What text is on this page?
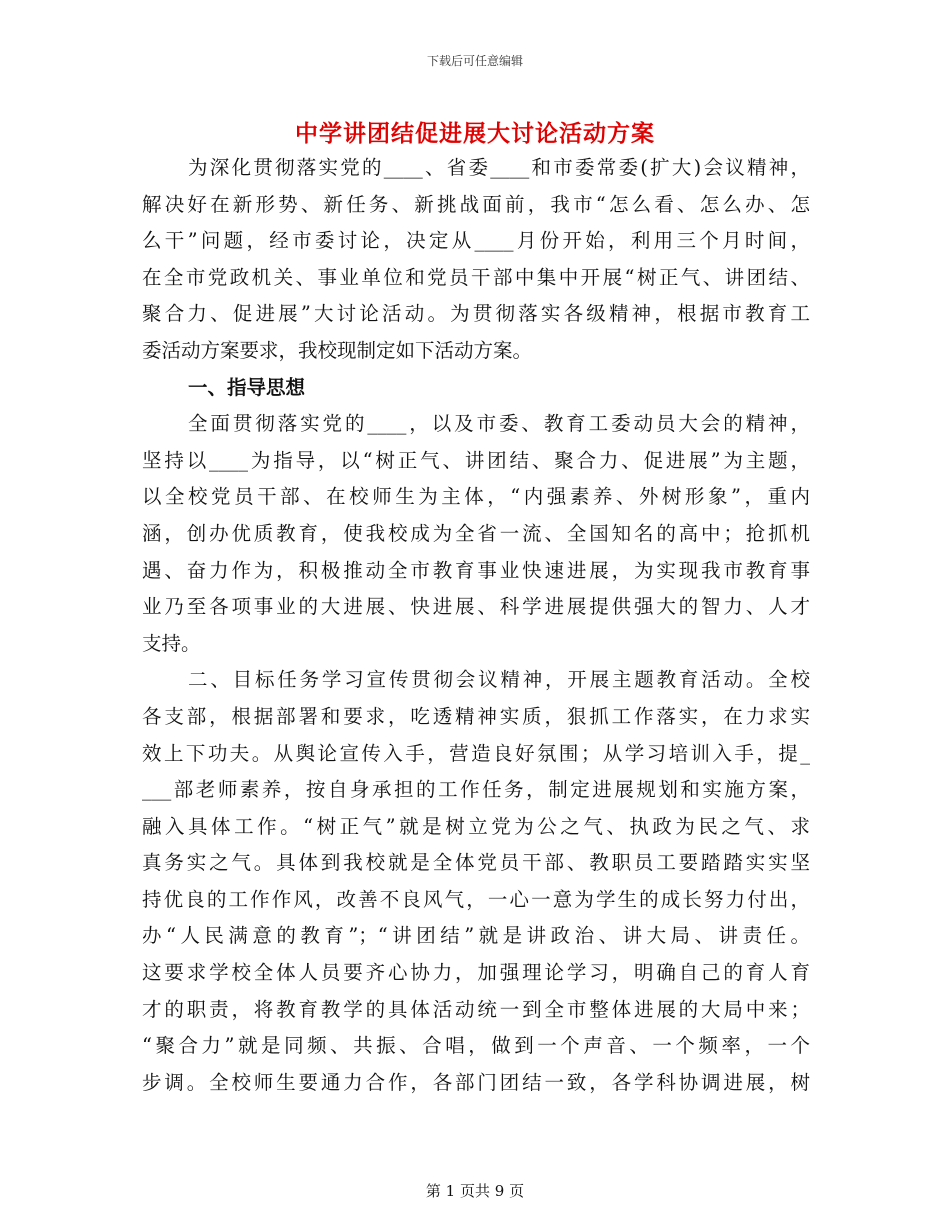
下载后可任意编辑
中学讲团结促进展大讨论活动方案
为深化贯彻落实党的____、省委____和市委常委(扩大)会议精神，
解决好在新形势、新任务、新挑战面前，我市“怎么看、怎么办、怎
么干”问题，经市委讨论，决定从____月份开始，利用三个月时间，
在全市党政机关、事业单位和党员干部中集中开展“树正气、讲团结、
聚合力、促进展”大讨论活动。为贯彻落实各级精神，根据市教育工
委活动方案要求，我校现制定如下活动方案。
一、指导思想
全面贯彻落实党的____，以及市委、教育工委动员大会的精神，
坚持以____为指导，以“树正气、讲团结、聚合力、促进展”为主题，
以全校党员干部、在校师生为主体，“内强素养、外树形象”，重内
涵，创办优质教育，使我校成为全省一流、全国知名的高中；抢抓机
遇、奋力作为，积极推动全市教育事业快速进展，为实现我市教育事
业乃至各项事业的大进展、快进展、科学进展提供强大的智力、人才
支持。
二、目标任务学习宣传贯彻会议精神，开展主题教育活动。全校
各支部，根据部署和要求，吃透精神实质，狠抓工作落实，在力求实
效上下功夫。从舆论宣传入手，营造良好氛围；从学习培训入手，提_
___部老师素养，按自身承担的工作任务，制定进展规划和实施方案，
融入具体工作。“树正气”就是树立党为公之气、执政为民之气、求
真务实之气。具体到我校就是全体党员干部、教职员工要踏踏实实坚
持优良的工作作风，改善不良风气，一心一意为学生的成长努力付出，
办“人民满意的教育”；“讲团结”就是讲政治、讲大局、讲责任。
这要求学校全体人员要齐心协力，加强理论学习，明确自己的育人育
才的职责，将教育教学的具体活动统一到全市整体进展的大局中来；
“聚合力”就是同频、共振、合唱，做到一个声音、一个频率，一个
步调。全校师生要通力合作，各部门团结一致，各学科协调进展，树
第 1 页共 9 页
